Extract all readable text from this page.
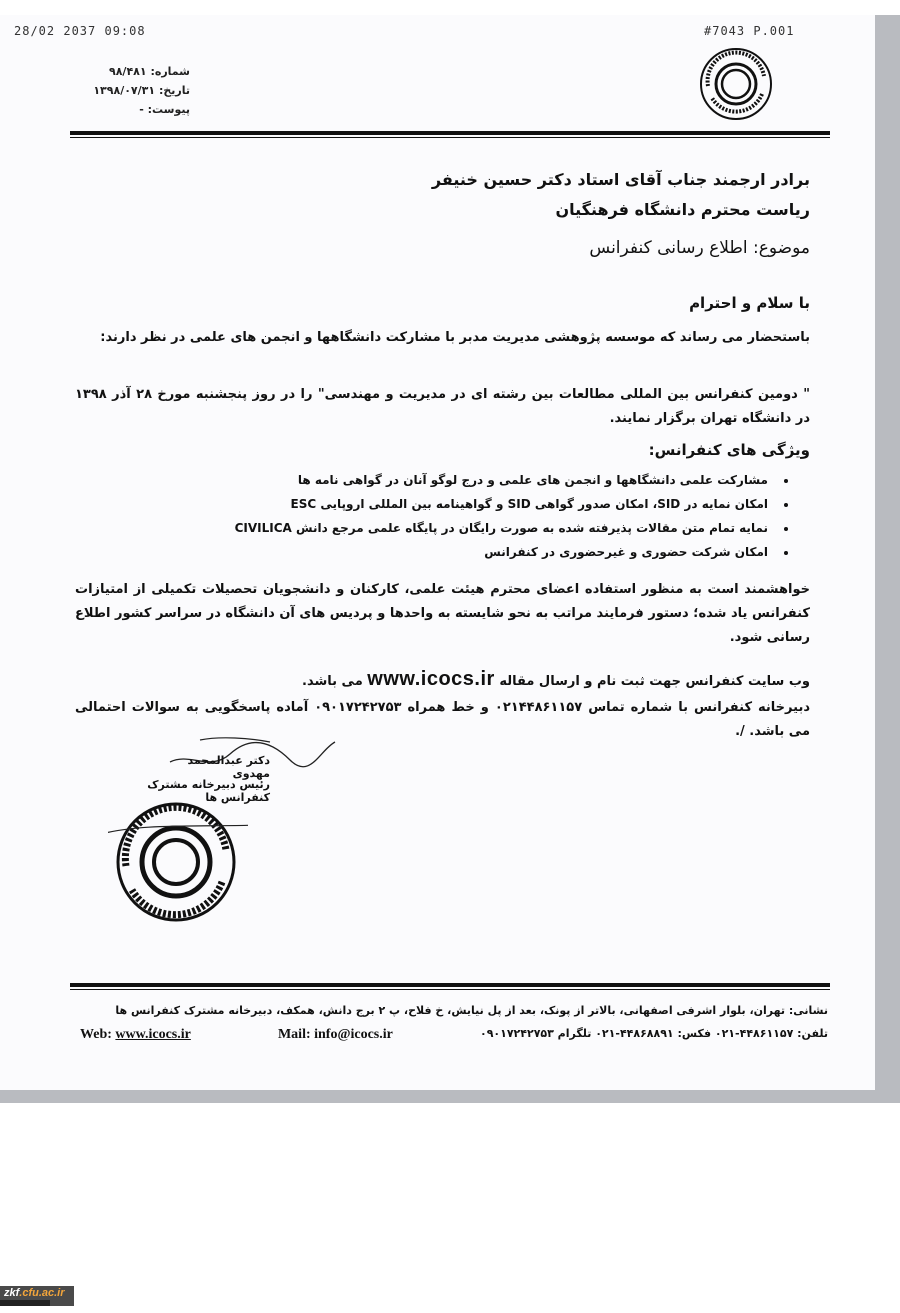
28/02 2037 09:08	#7043 P.001
شماره: ۹۸/۴۸۱
تاریخ: ۱۳۹۸/۰۷/۳۱
پیوست: -
برادر ارجمند جناب آقای استاد دکتر حسین خنیفر
ریاست محترم دانشگاه فرهنگیان
موضوع: اطلاع رسانی کنفرانس
با سلام و احترام
باستحضار می رساند که موسسه پژوهشی مدیریت مدبر با مشارکت دانشگاهها و انجمن های علمی در نظر دارند:
" دومین کنفرانس بین المللی مطالعات بین رشته ای در مدیریت و مهندسی" را در روز پنجشنبه مورخ ۲۸ آذر ۱۳۹۸ در دانشگاه تهران برگزار نمایند.
ویژگی های کنفرانس:
• مشارکت علمی دانشگاهها و انجمن های علمی و درج لوگو آنان در گواهی نامه ها
• امکان نمایه در SID، امکان صدور گواهی SID و گواهینامه بین المللی اروپایی ESC
• نمایه تمام متن مقالات پذیرفته شده به صورت رایگان در پایگاه علمی مرجع دانش CIVILICA
• امکان شرکت حضوری و غیرحضوری در کنفرانس
خواهشمند است به منظور استفاده اعضای محترم هیئت علمی، کارکنان و دانشجویان تحصیلات تکمیلی از امتیازات کنفرانس یاد شده؛ دستور فرمایند مراتب به نحو شایسته به واحدها و پردیس های آن دانشگاه در سراسر کشور اطلاع رسانی شود.
وب سایت کنفرانس جهت ثبت نام و ارسال مقاله www.icocs.ir می باشد.
دبیرخانه کنفرانس با شماره تماس ۰۲۱۴۴۸۶۱۱۵۷ و خط همراه ۰۹۰۱۷۲۴۲۷۵۳ آماده پاسخگویی به سوالات احتمالی می باشد. /.
دکتر عبدالمحمد مهدوی
رئیس دبیرخانه مشترک کنفرانس ها
نشانی: تهران، بلوار اشرفی اصفهانی، بالاتر از پونک، بعد از پل نیایش، خ فلاح، پ ۲ برج دانش، همکف، دبیرخانه مشترک کنفرانس ها
تلفن: ۴۴۸۶۱۱۵۷-۰۲۱ فکس: ۴۴۸۶۸۸۹۱-۰۲۱ تلگرام ۰۹۰۱۷۲۴۲۷۵۳
Mail: info@icocs.ir
Web: www.icocs.ir
zkf.cfu.ac.ir
